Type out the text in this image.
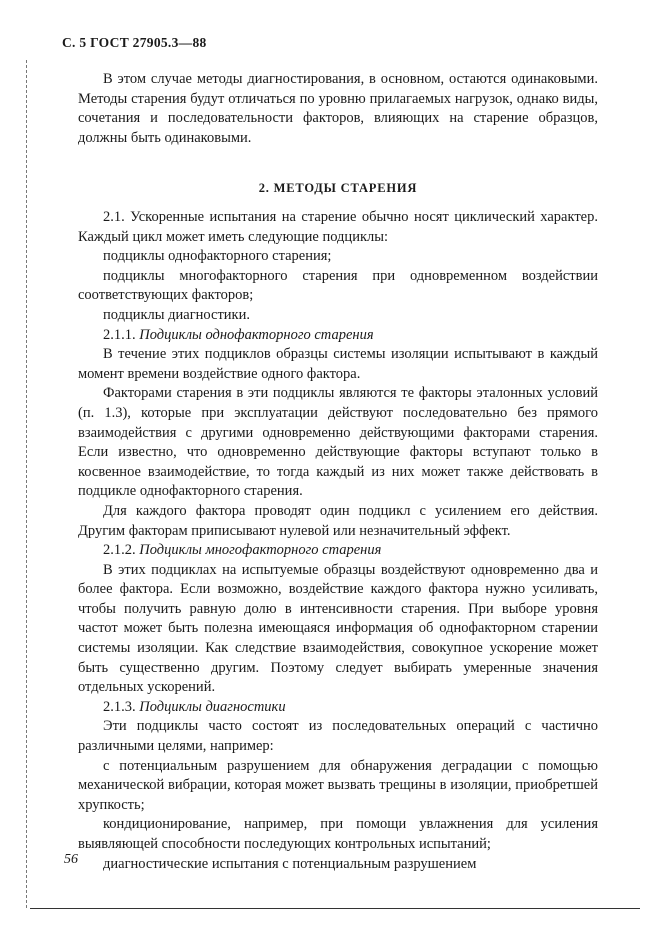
С. 5 ГОСТ 27905.3—88

В этом случае методы диагностирования, в основном, остаются одинаковыми. Методы старения будут отличаться по уровню прилагаемых нагрузок, однако виды, сочетания и последовательности факторов, влияющих на старение образцов, должны быть одинаковыми.

2. МЕТОДЫ СТАРЕНИЯ

2.1. Ускоренные испытания на старение обычно носят циклический характер. Каждый цикл может иметь следующие подциклы:

подциклы однофакторного старения;

подциклы многофакторного старения при одновременном воздействии соответствующих факторов;

подциклы диагностики.

2.1.1. Подциклы однофакторного старения

В течение этих подциклов образцы системы изоляции испытывают в каждый момент времени воздействие одного фактора.

Факторами старения в эти подциклы являются те факторы эталонных условий (п. 1.3), которые при эксплуатации действуют последовательно без прямого взаимодействия с другими одновременно действующими факторами старения. Если известно, что одновременно действующие факторы вступают только в косвенное взаимодействие, то тогда каждый из них может также действовать в подцикле однофакторного старения.

Для каждого фактора проводят один подцикл с усилением его действия. Другим факторам приписывают нулевой или незначительный эффект.

2.1.2. Подциклы многофакторного старения

В этих подциклах на испытуемые образцы воздействуют одновременно два и более фактора. Если возможно, воздействие каждого фактора нужно усиливать, чтобы получить равную долю в интенсивности старения. При выборе уровня частот может быть полезна имеющаяся информация об однофакторном старении системы изоляции. Как следствие взаимодействия, совокупное ускорение может быть существенно другим. Поэтому следует выбирать умеренные значения отдельных ускорений.

2.1.3. Подциклы диагностики

Эти подциклы часто состоят из последовательных операций с частично различными целями, например:

с потенциальным разрушением для обнаружения деградации с помощью механической вибрации, которая может вызвать трещины в изоляции, приобретшей хрупкость;

кондиционирование, например, при помощи увлажнения для усиления выявляющей способности последующих контрольных испытаний;

диагностические испытания с потенциальным разрушением

56
